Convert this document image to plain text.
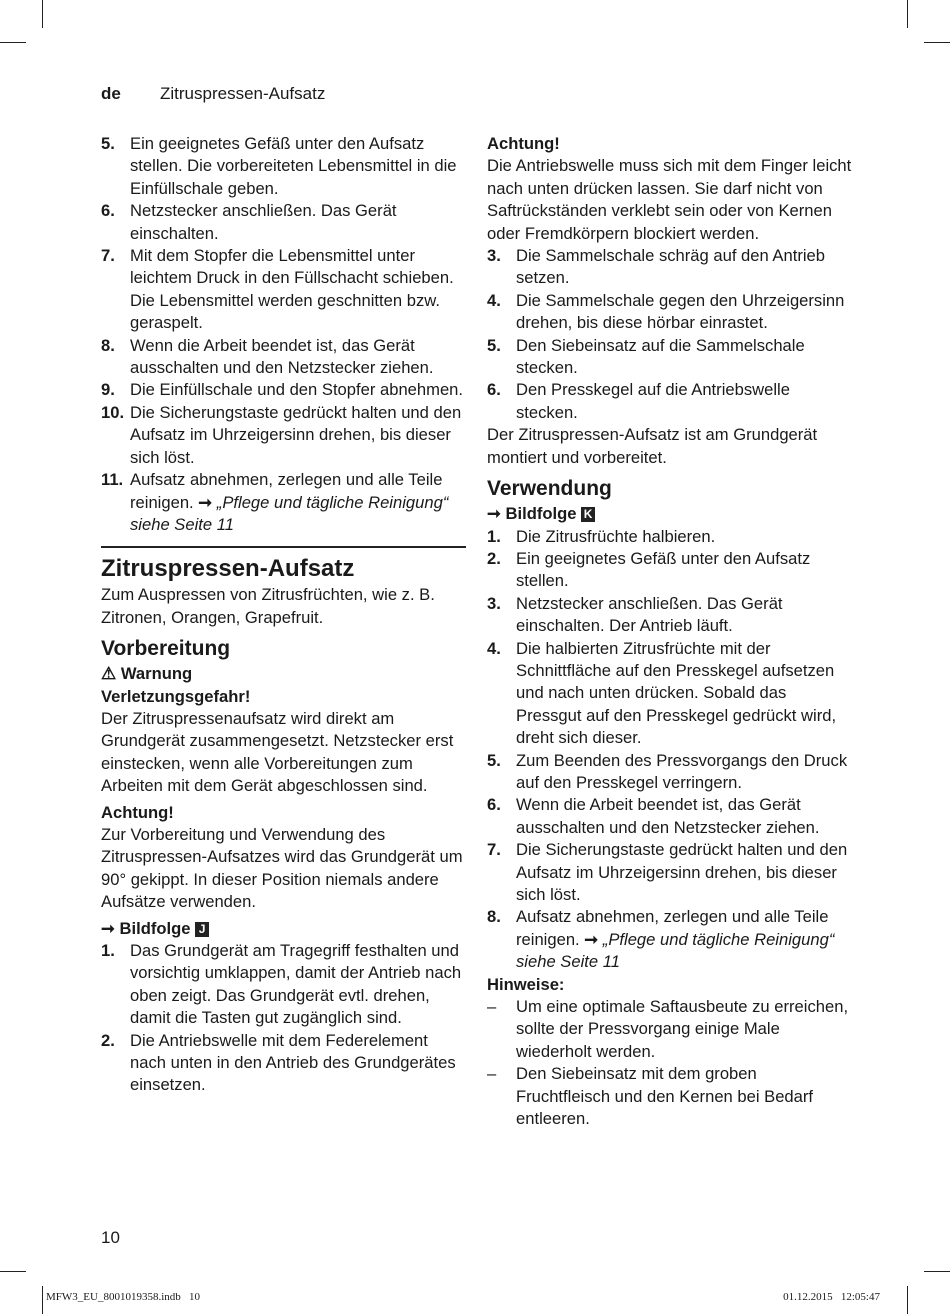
de Zitruspressen-Aufsatz
5. Ein geeignetes Gefäß unter den Aufsatz stellen. Die vorbereiteten Lebensmittel in die Einfüllschale geben.
6. Netzstecker anschließen. Das Gerät einschalten.
7. Mit dem Stopfer die Lebensmittel unter leichtem Druck in den Füllschacht schieben. Die Lebensmittel werden geschnitten bzw. geraspelt.
8. Wenn die Arbeit beendet ist, das Gerät ausschalten und den Netzstecker ziehen.
9. Die Einfüllschale und den Stopfer abnehmen.
10. Die Sicherungstaste gedrückt halten und den Aufsatz im Uhrzeigersinn drehen, bis dieser sich löst.
11. Aufsatz abnehmen, zerlegen und alle Teile reinigen. ➞ „Pflege und tägliche Reinigung“ siehe Seite 11
Zitruspressen-Aufsatz

Zum Auspressen von Zitrusfrüchten, wie z. B. Zitronen, Orangen, Grapefruit.

Vorbereitung

⚠ Warnung

Verletzungsgefahr!

Der Zitruspressenaufsatz wird direkt am Grundgerät zusammengesetzt. Netzstecker erst einstecken, wenn alle Vorbereitungen zum Arbeiten mit dem Gerät abgeschlossen sind.

Achtung!

Zur Vorbereitung und Verwendung des Zitruspressen-Aufsatzes wird das Grundgerät um 90° gekippt. In dieser Position niemals andere Aufsätze verwenden.

➞ Bildfolge J

1. Das Grundgerät am Tragegriff festhalten und vorsichtig umklappen, damit der Antrieb nach oben zeigt. Das Grundgerät evtl. drehen, damit die Tasten gut zugänglich sind.
2. Die Antriebswelle mit dem Federelement nach unten in den Antrieb des Grundgerätes einsetzen.

Achtung!

Die Antriebswelle muss sich mit dem Finger leicht nach unten drücken lassen. Sie darf nicht von Saftrückständen verklebt sein oder von Kernen oder Fremdkörpern blockiert werden.

3. Die Sammelschale schräg auf den Antrieb setzen.
4. Die Sammelschale gegen den Uhrzeigersinn drehen, bis diese hörbar einrastet.
5. Den Siebeinsatz auf die Sammelschale stecken.
6. Den Presskegel auf die Antriebswelle stecken.

Der Zitruspressen-Aufsatz ist am Grundgerät montiert und vorbereitet.

Verwendung

➞ Bildfolge K

1. Die Zitrusfrüchte halbieren.
2. Ein geeignetes Gefäß unter den Aufsatz stellen.
3. Netzstecker anschließen. Das Gerät einschalten. Der Antrieb läuft.
4. Die halbierten Zitrusfrüchte mit der Schnittfläche auf den Presskegel aufsetzen und nach unten drücken. Sobald das Pressgut auf den Presskegel gedrückt wird, dreht sich dieser.
5. Zum Beenden des Pressvorgangs den Druck auf den Presskegel verringern.
6. Wenn die Arbeit beendet ist, das Gerät ausschalten und den Netzstecker ziehen.
7. Die Sicherungstaste gedrückt halten und den Aufsatz im Uhrzeigersinn drehen, bis dieser sich löst.
8. Aufsatz abnehmen, zerlegen und alle Teile reinigen. ➞ „Pflege und tägliche Reinigung“ siehe Seite 11

Hinweise:

– Um eine optimale Saftausbeute zu erreichen, sollte der Pressvorgang einige Male wiederholt werden.
– Den Siebeinsatz mit dem groben Fruchtfleisch und den Kernen bei Bedarf entleeren.
10
MFW3_EU_8001019358.indb   10	01.12.2015   12:05:47
